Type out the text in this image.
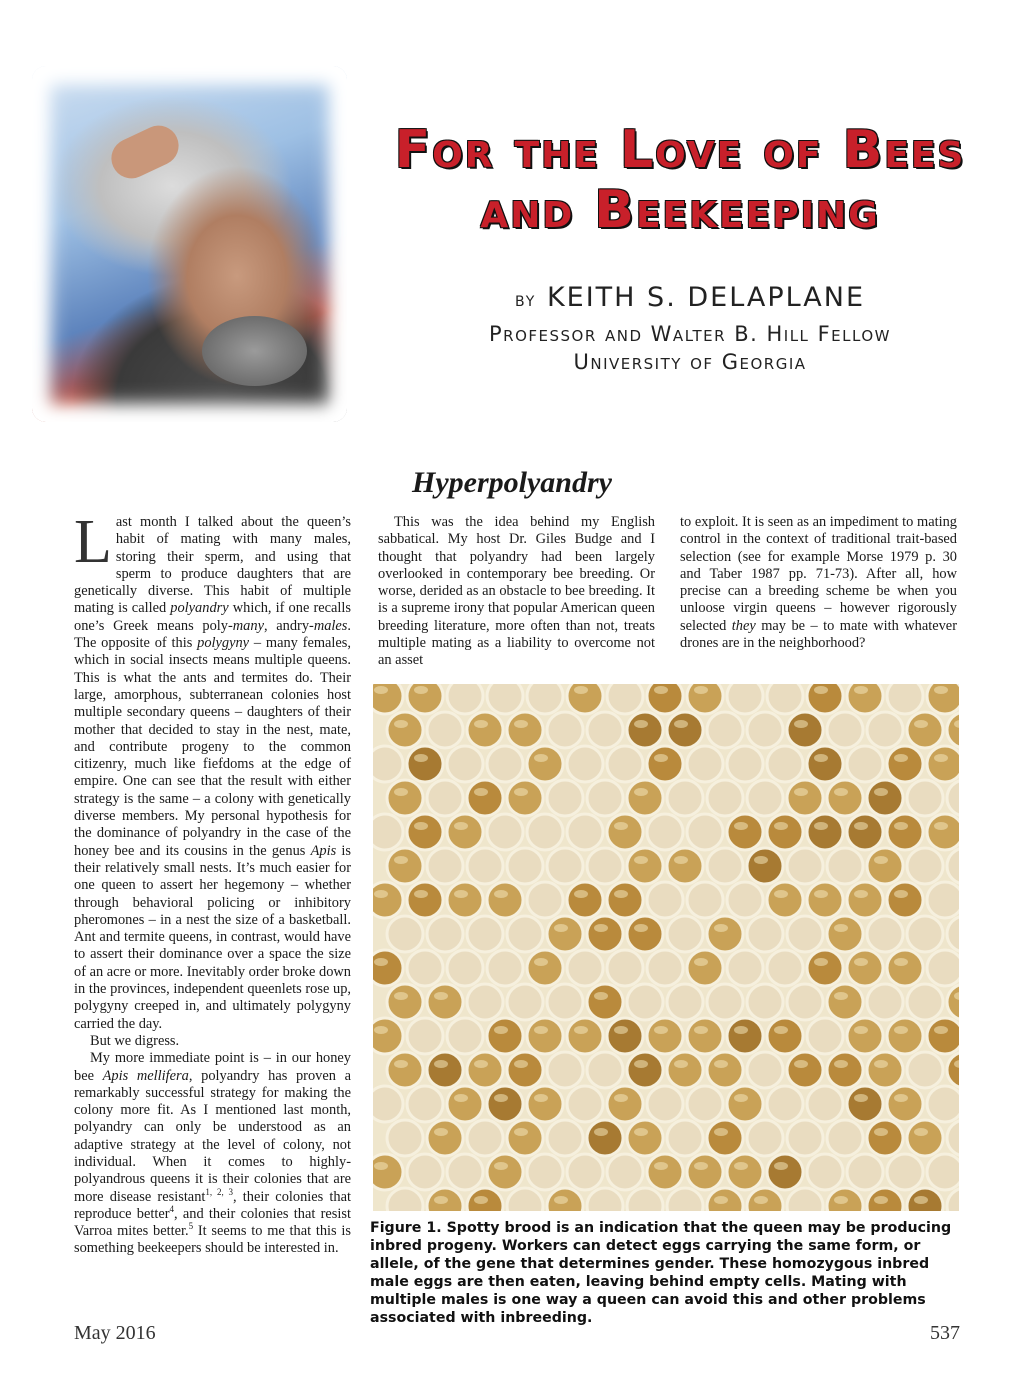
For the Love of Bees
and Beekeeping
by KEITH S. DELAPLANE
Professor and Walter B. Hill Fellow
University of Georgia
Hyperpolyandry

Last month I talked about the queen’s habit of mating with many males, storing their sperm, and using that sperm to produce daughters that are genetically diverse. This habit of multiple mating is called polyandry which, if one recalls one’s Greek means poly-many, andry-males. The opposite of this polygyny – many females, which in social insects means multiple queens. This is what the ants and termites do. Their large, amorphous, subterranean colonies host multiple secondary queens – daughters of their mother that decided to stay in the nest, mate, and contribute progeny to the common citizenry, much like fiefdoms at the edge of empire. One can see that the result with either strategy is the same – a colony with genetically diverse members. My personal hypothesis for the dominance of polyandry in the case of the honey bee and its cousins in the genus Apis is their relatively small nests. It’s much easier for one queen to assert her hegemony – whether through behavioral policing or inhibitory pheromones – in a nest the size of a basketball. Ant and termite queens, in contrast, would have to assert their dominance over a space the size of an acre or more. Inevitably order broke down in the provinces, independent queenlets rose up, polygyny creeped in, and ultimately polygyny carried the day.

But we digress.

My more immediate point is – in our honey bee Apis mellifera, polyandry has proven a remarkably successful strategy for making the colony more fit. As I mentioned last month, polyandry can only be understood as an adaptive strategy at the level of colony, not individual. When it comes to highly-polyandrous queens it is their colonies that are more disease resistant$^{1, 2, 3}$, their colonies that reproduce better$^4$, and their colonies that resist Varroa mites better.$^5$ It seems to me that this is something beekeepers should be interested in.

This was the idea behind my English sabbatical. My host Dr. Giles Budge and I thought that polyandry had been largely overlooked in contemporary bee breeding. Or worse, derided as an obstacle to bee breeding. It is a supreme irony that popular American queen breeding literature, more often than not, treats multiple mating as a liability to overcome not an asset

to exploit. It is seen as an impediment to mating control in the context of traditional trait-based selection (see for example Morse 1979 p. 30 and Taber 1987 pp. 71-73). After all, how precise can a breeding scheme be when you unloose virgin queens – however rigorously selected they may be – to mate with whatever drones are in the neighborhood?

Figure 1. Spotty brood is an indication that the queen may be producing inbred progeny. Workers can detect eggs carrying the same form, or allele, of the gene that determines gender. These homozygous inbred male eggs are then eaten, leaving behind empty cells. Mating with multiple males is one way a queen can avoid this and other problems associated with inbreeding.
May 2016	537
